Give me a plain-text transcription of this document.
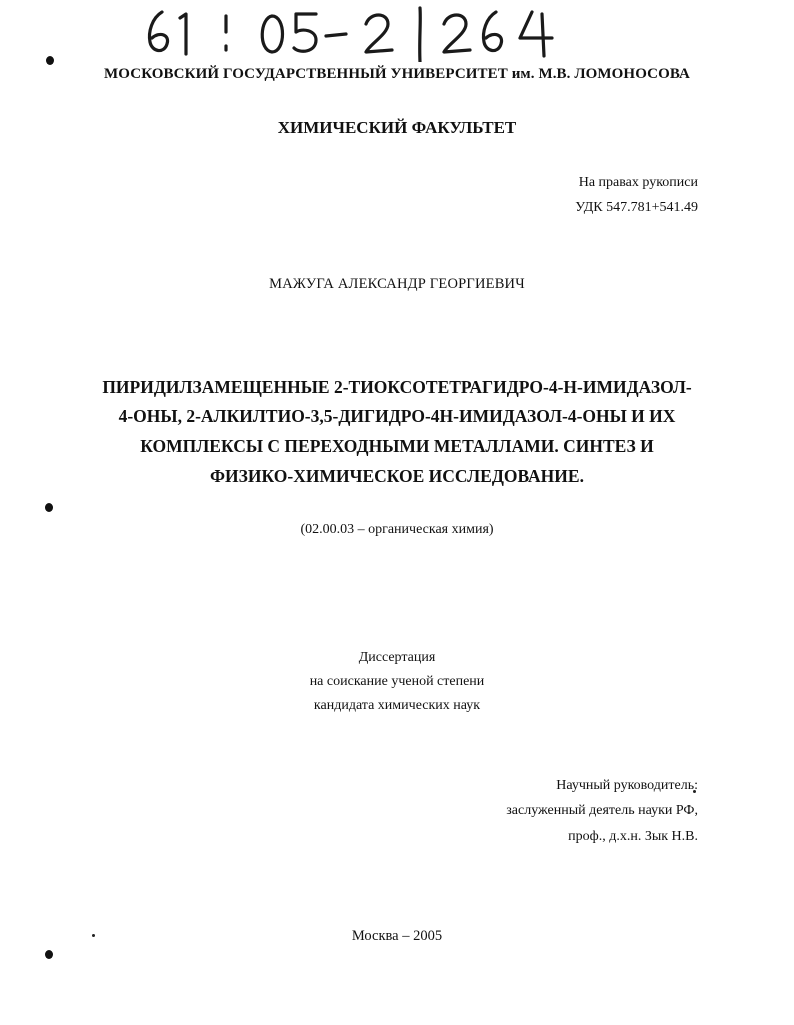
МОСКОВСКИЙ ГОСУДАРСТВЕННЫЙ УНИВЕРСИТЕТ им. М.В. ЛОМОНОСОВА
ХИМИЧЕСКИЙ ФАКУЛЬТЕТ
На правах рукописи
УДК 547.781+541.49
МАЖУГА АЛЕКСАНДР ГЕОРГИЕВИЧ
ПИРИДИЛЗАМЕЩЕННЫЕ 2-ТИОКСОТЕТРАГИДРО-4-Н-ИМИДАЗОЛ-
4-ОНЫ, 2-АЛКИЛТИО-3,5-ДИГИДРО-4Н-ИМИДАЗОЛ-4-ОНЫ И ИХ
КОМПЛЕКСЫ С ПЕРЕХОДНЫМИ МЕТАЛЛАМИ. СИНТЕЗ И
ФИЗИКО-ХИМИЧЕСКОЕ ИССЛЕДОВАНИЕ.
(02.00.03 – органическая химия)
Диссертация
на соискание ученой степени
кандидата химических наук
Научный руководитель:
заслуженный деятель науки РФ,
проф., д.х.н. Зык Н.В.
Москва – 2005
